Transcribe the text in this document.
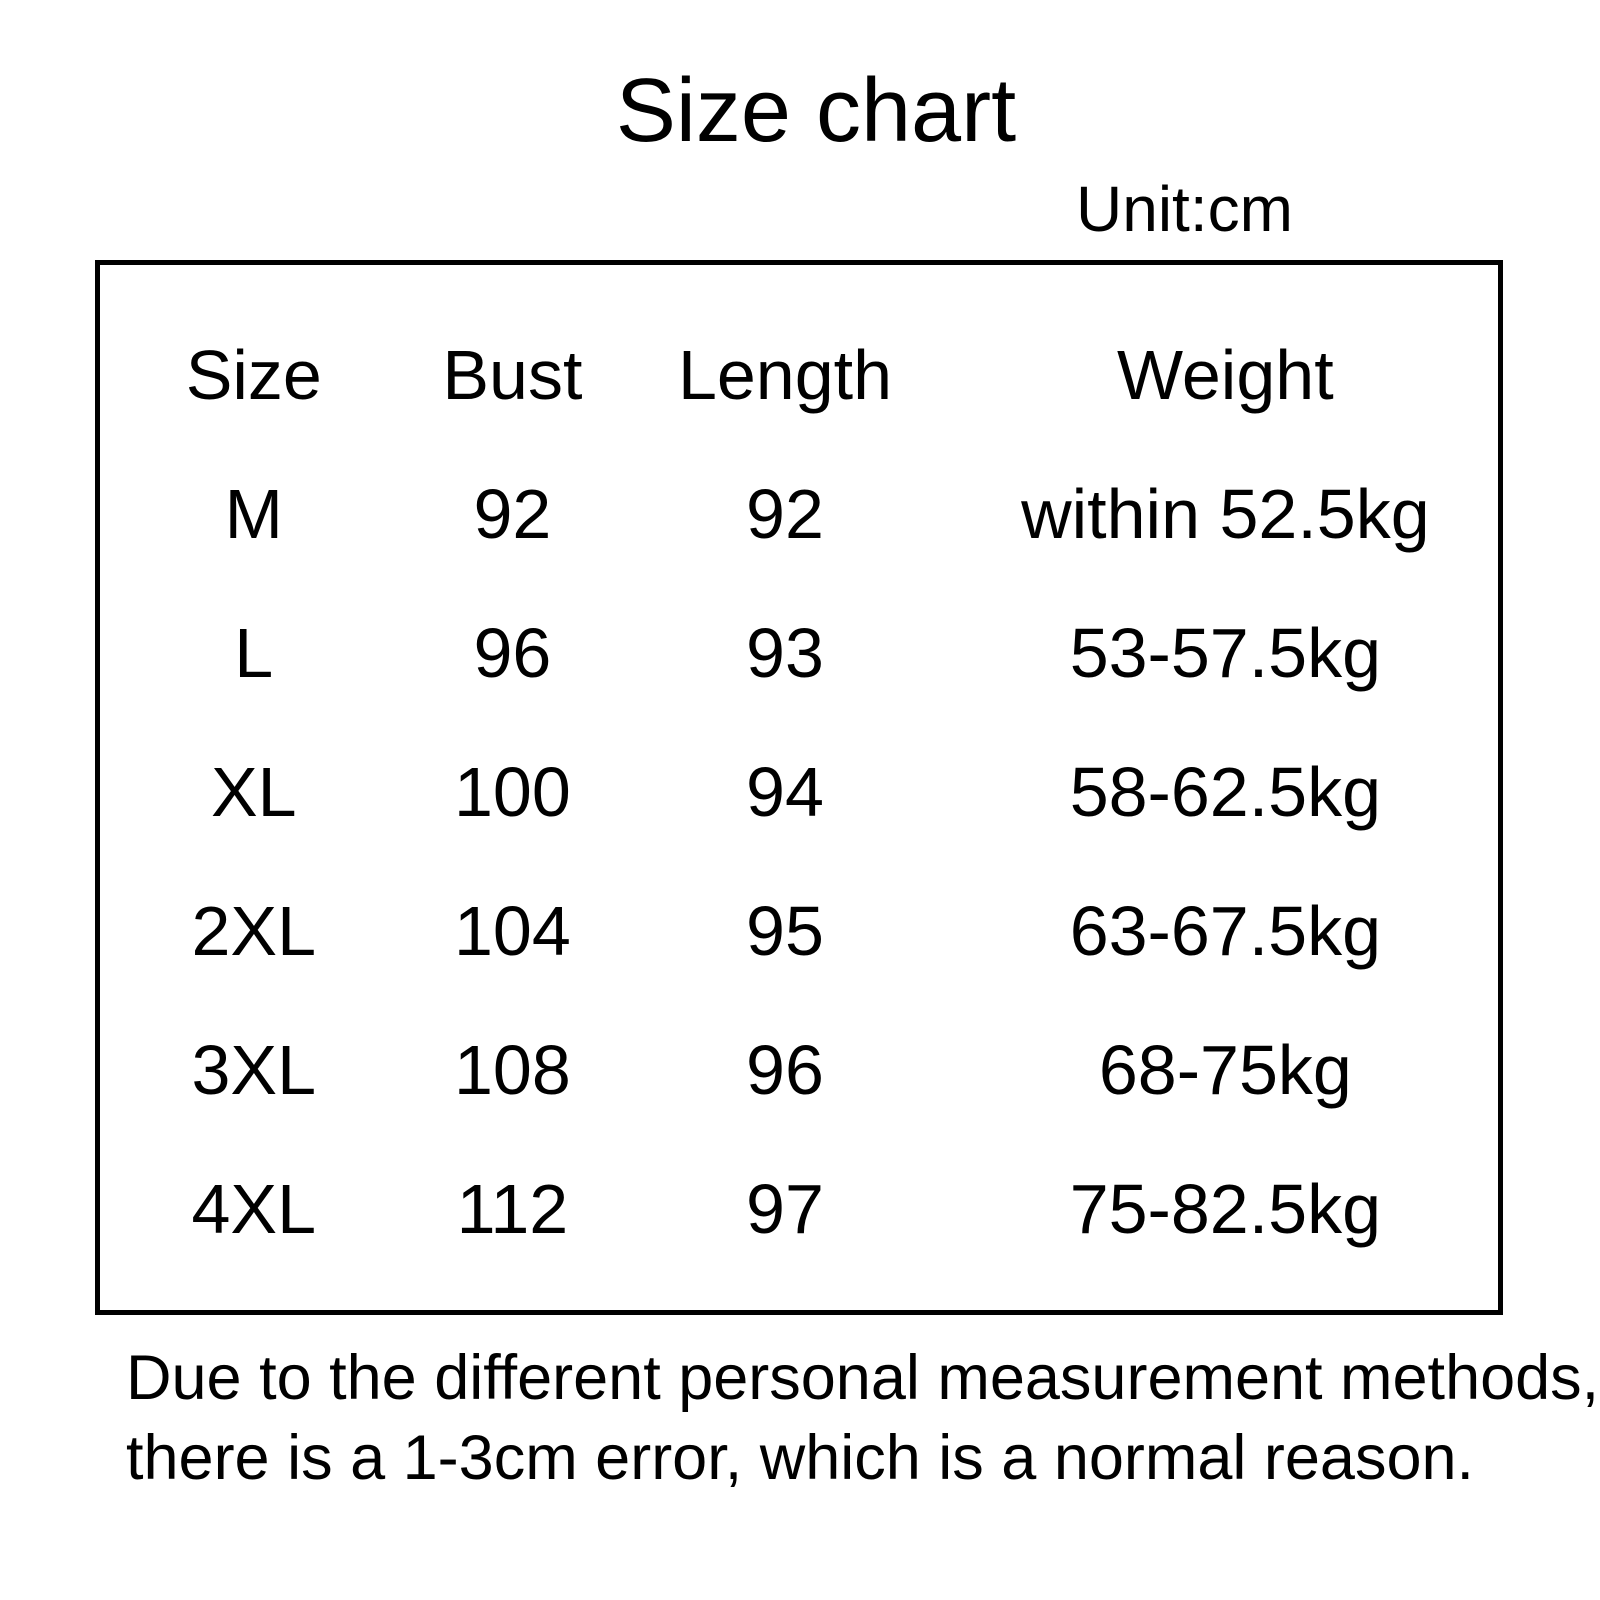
Size chart
Unit:cm
Size	Bust	Length	Weight
M	92	92	within 52.5kg
L	96	93	53-57.5kg
XL	100	94	58-62.5kg
2XL	104	95	63-67.5kg
3XL	108	96	68-75kg
4XL	112	97	75-82.5kg
Due to the different personal measurement methods,
there is a 1-3cm error, which is a normal reason.
